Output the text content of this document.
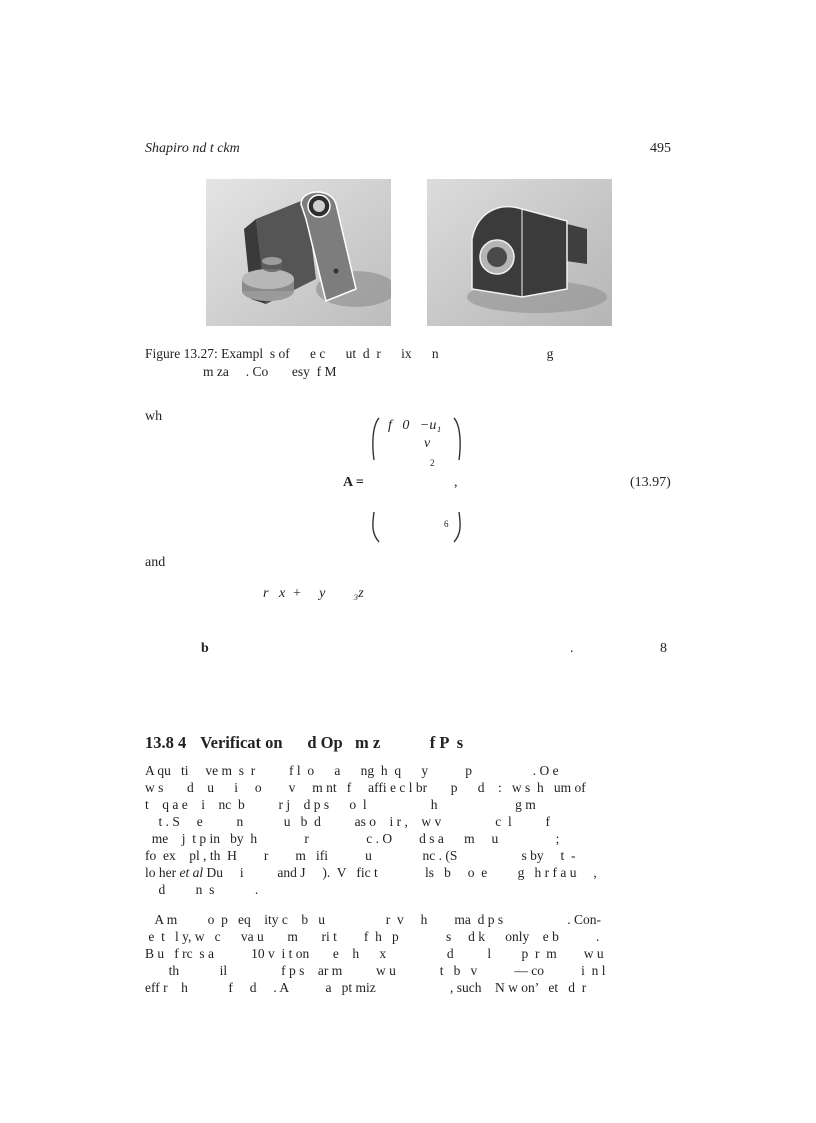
Shapiro nd t ckm	495
Figure 13.27: Exampl  s of      e c      ut  d  r      ix      n                                g
m za     . Co       esy  f M
wh
f   0   −u₁
v
2
6
A =	,	(13.97)
and
r   x  +     y        ₃z
b	.	8
13.8 4 Verificat on      d Op   m z            f P  s
A qu   ti     ve m  s  r          f l  o      a      ng  h  q      y           p                  . O e
w s       d    u      i     o        v     m nt   f     affi e c l br       p      d    :   w s  h   um of
t    q a e    i    nc  b          r j    d p s      o  l                   h                       g m
t . S     e          n            u   b  d          as o    i r ,    w v                c  l          f
me    j  t p in   by  h              r                 c . O        d s a      m     u                 ;
fo  ex    pl , th  H        r        m   ifi           u               nc . (S                   s by     t  -
lo her et al Du     i          and J     ).  V   fic t              ls   b     o  e         g   h r f a u     ,
d         n  s            .
A m         o  p   eq    ity c    b   u                  r  v     h        ma  d p s                   . Con-
e  t   l y, w   c      va u       m       ri t        f  h   p              s     d k      only    e b           .
B u   f rc  s a           10 v  i t on       e    h      x                  d          l         p  r  m        w u
th            il                f p s    ar m          w u             t   b   v           — co           i  n l
eff r    h            f     d     . A           a   pt miz                      , such    N w on’   et   d  r
